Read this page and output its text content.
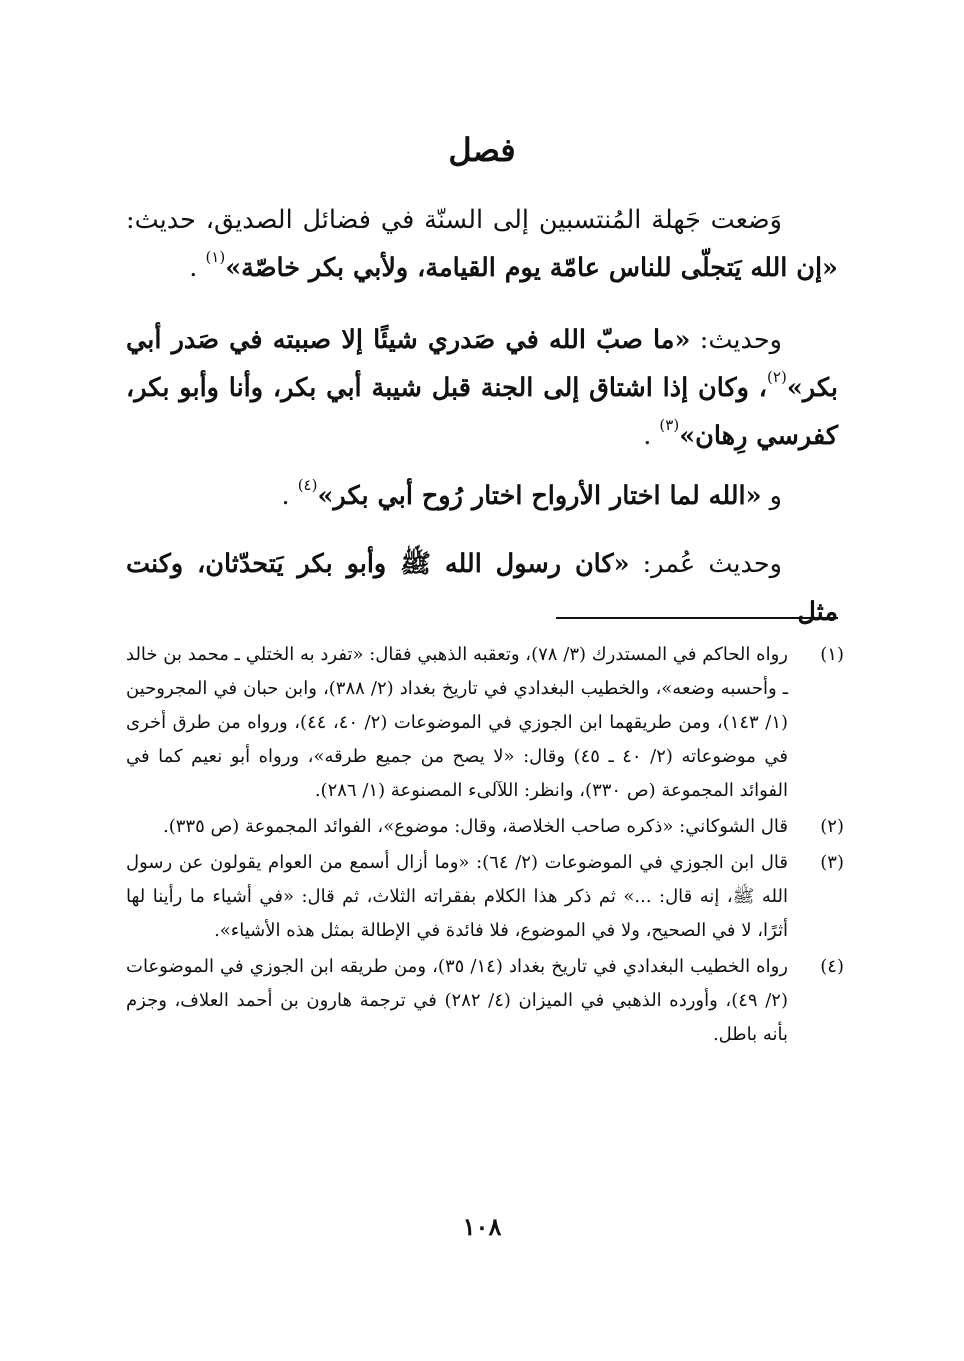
فصل

وَضعت جَهلة المُنتسبين إلى السنّة في فضائل الصديق، حديث: «إن الله يَتجلّى للناس عامّة يوم القيامة، ولأبي بكر خاصّة»$^{(١)}$ .

وحديث: «ما صبّ الله في صَدري شيئًا إلا صببته في صَدر أبي بكر»$^{(٢)}$، وكان إذا اشتاق إلى الجنة قبل شيبة أبي بكر، وأنا وأبو بكر، كفرسي رِهان»$^{(٣)}$ .

و «الله لما اختار الأرواح اختار رُوح أبي بكر»$^{(٤)}$ .

وحديث عُمر: «كان رسول الله ﷺ وأبو بكر يَتحدّثان، وكنت مثل

(١)
رواه الحاكم في المستدرك (٣/ ٧٨)، وتعقبه الذهبي فقال: «تفرد به الختلي ـ محمد بن خالد ـ وأحسبه وضعه»، والخطيب البغدادي في تاريخ بغداد (٢/ ٣٨٨)، وابن حبان في المجروحين (١/ ١٤٣)، ومن طريقهما ابن الجوزي في الموضوعات (٢/ ٤٠، ٤٤)، ورواه من طرق أخرى في موضوعاته (٢/ ٤٠ ـ ٤٥) وقال: «لا يصح من جميع طرقه»، ورواه أبو نعيم كما في الفوائد المجموعة (ص ٣٣٠)، وانظر: اللآلىء المصنوعة (١/ ٢٨٦).
(٢)
قال الشوكاني: «ذكره صاحب الخلاصة، وقال: موضوع»، الفوائد المجموعة (ص ٣٣٥).
(٣)
قال ابن الجوزي في الموضوعات (٢/ ٦٤): «وما أزال أسمع من العوام يقولون عن رسول الله ﷺ، إنه قال: ...» ثم ذكر هذا الكلام بفقراته الثلاث، ثم قال: «في أشياء ما رأينا لها أثرًا، لا في الصحيح، ولا في الموضوع، فلا فائدة في الإطالة بمثل هذه الأشياء».
(٤)
رواه الخطيب البغدادي في تاريخ بغداد (١٤/ ٣٥)، ومن طريقه ابن الجوزي في الموضوعات (٢/ ٤٩)، وأورده الذهبي في الميزان (٤/ ٢٨٢) في ترجمة هارون بن أحمد العلاف، وجزم بأنه باطل.
١٠٨
